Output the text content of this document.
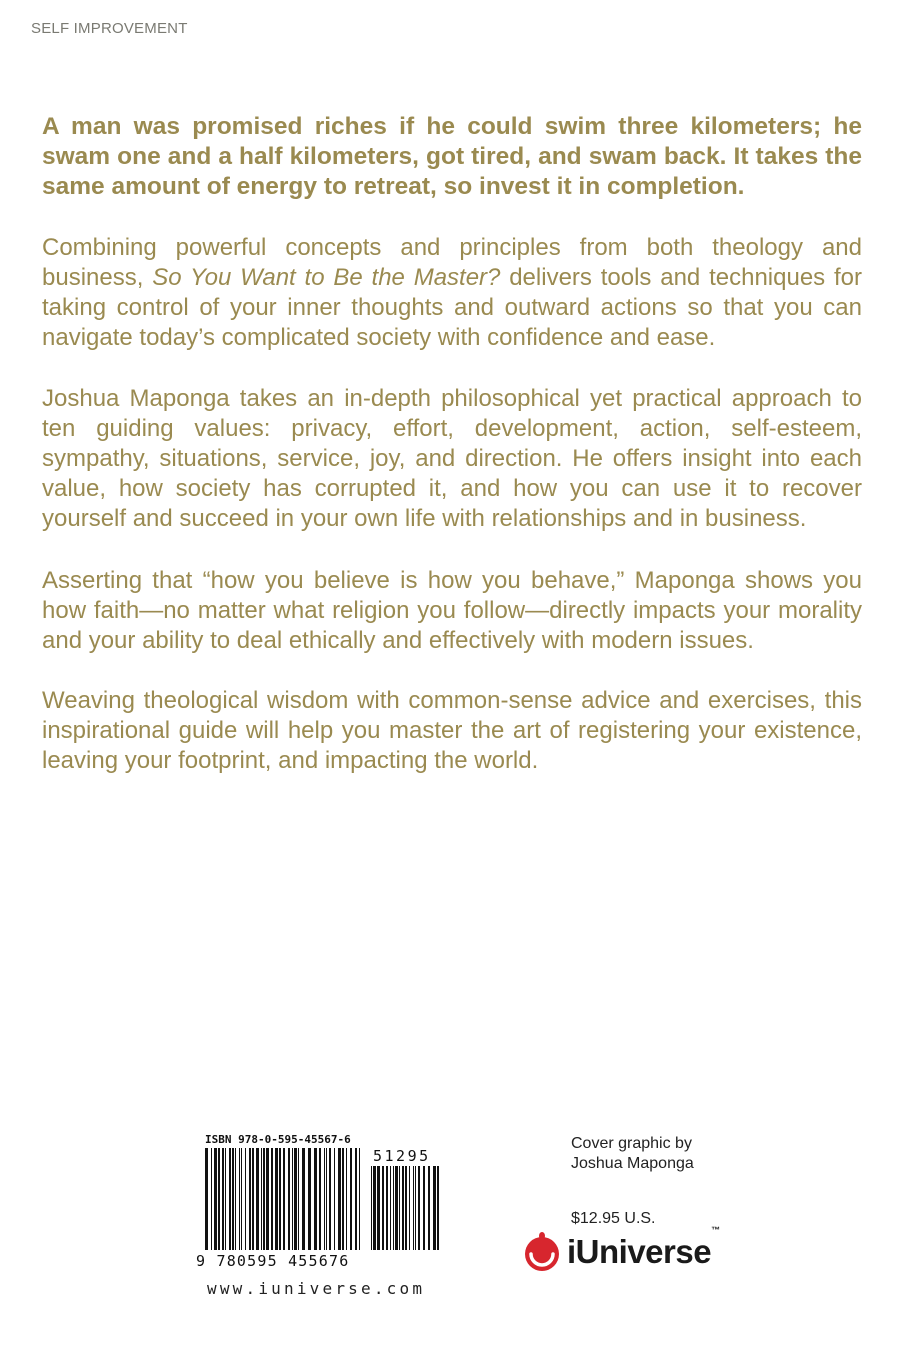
SELF IMPROVEMENT
A man was promised riches if he could swim three kilometers; he swam one and a half kilometers, got tired, and swam back. It takes the same amount of energy to retreat, so invest it in completion.
Combining powerful concepts and principles from both theology and business, So You Want to Be the Master? delivers tools and techniques for taking control of your inner thoughts and outward actions so that you can navigate today’s complicated society with confidence and ease.
Joshua Maponga takes an in-depth philosophical yet practical approach to ten guiding values: privacy, effort, development, action, self-esteem, sympathy, situations, service, joy, and direction. He offers insight into each value, how society has corrupted it, and how you can use it to recover yourself and succeed in your own life with relationships and in business.
Asserting that “how you believe is how you behave,” Maponga shows you how faith—no matter what religion you follow—directly impacts your morality and your ability to deal ethically and effectively with modern issues.
Weaving theological wisdom with common-sense advice and exercises, this inspirational guide will help you master the art of registering your existence, leaving your footprint, and impacting the world.
ISBN 978-0-595-45567-6
51295
9 780595 455676
www.iuniverse.com
Cover graphic by
Joshua Maponga
$12.95 U.S.
iUniverse™
